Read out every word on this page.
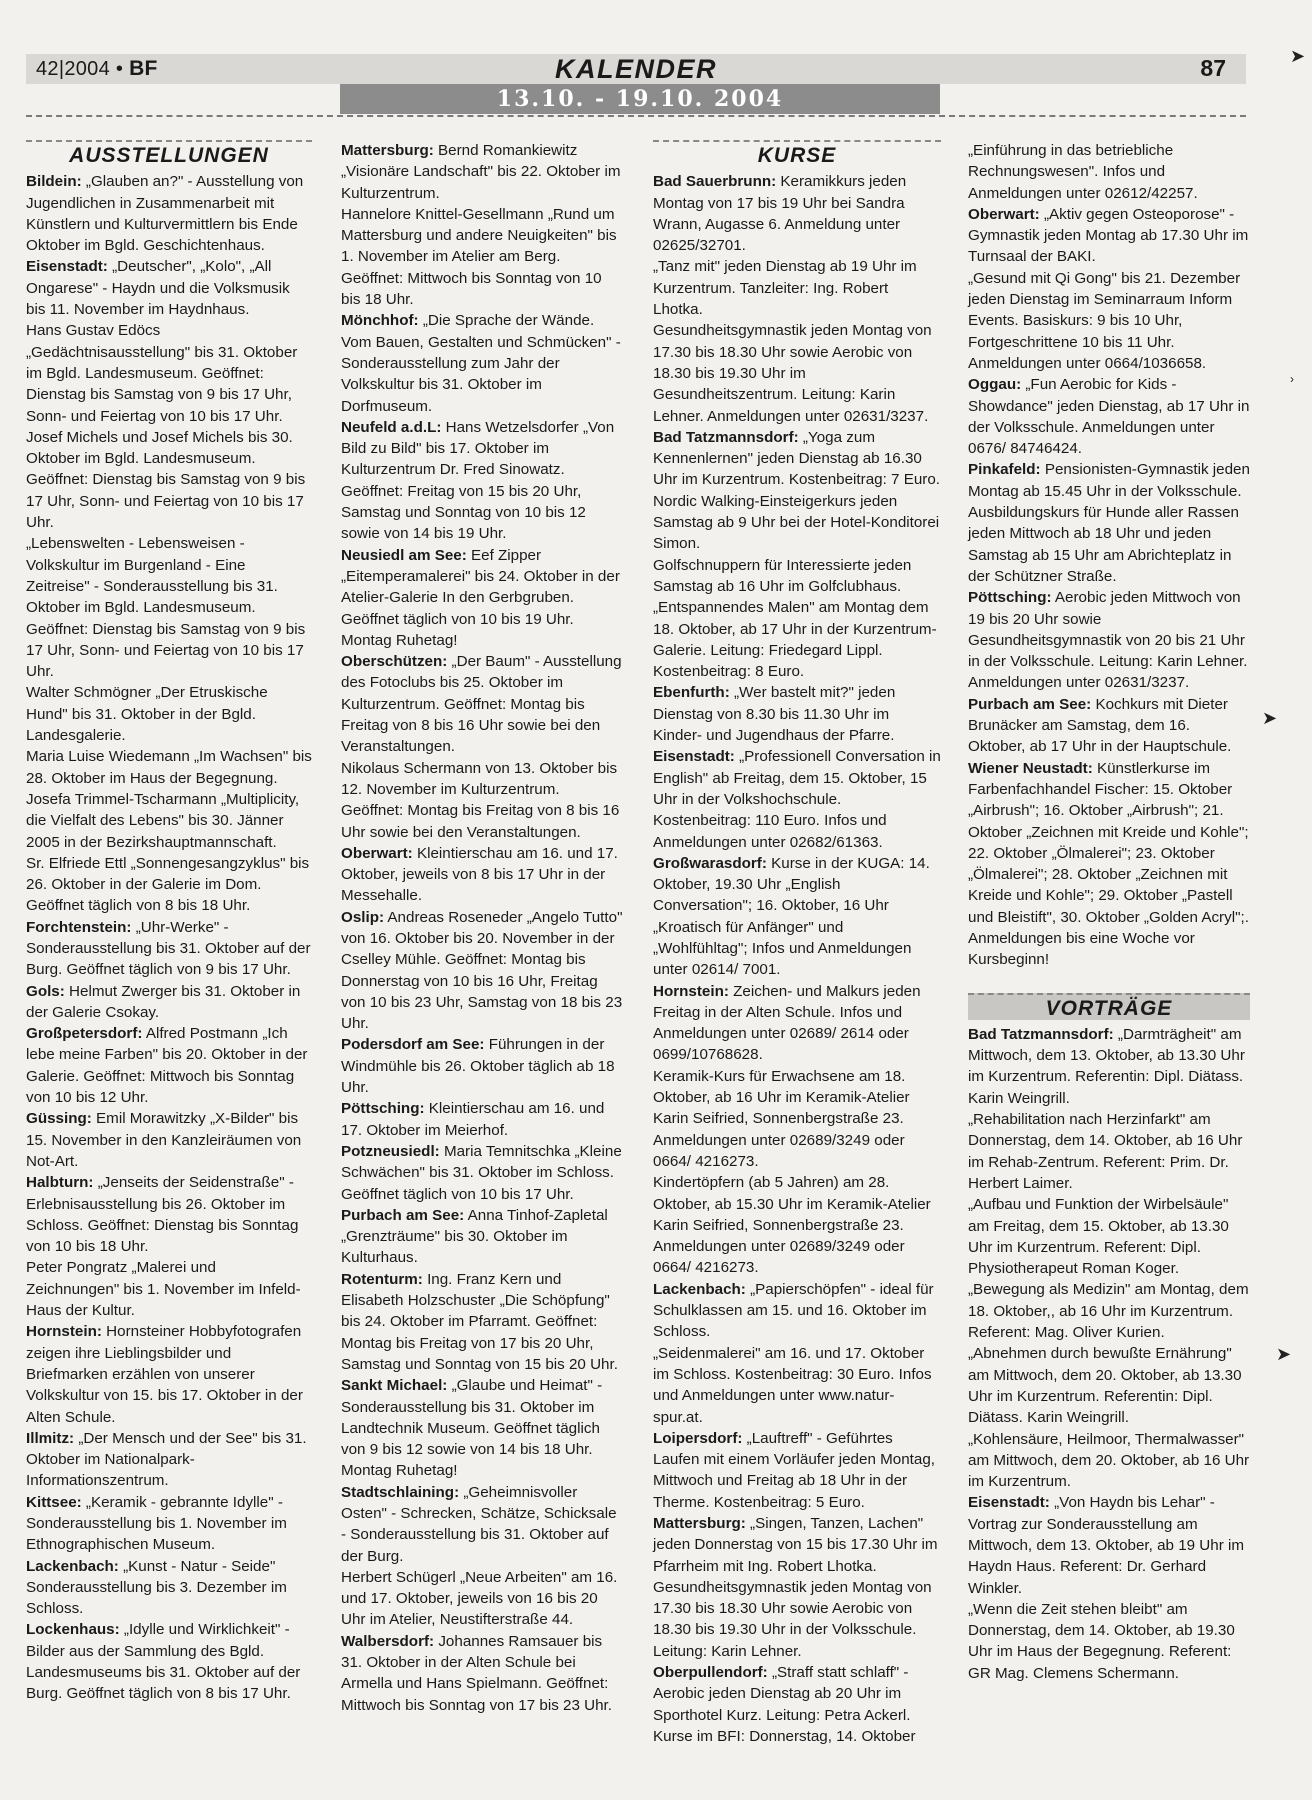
42|2004 • BF	KALENDER	87
13.10. - 19.10. 2004
AUSSTELLUNGEN

Bildein: „Glauben an?" - Ausstellung von Jugendlichen in Zusammenarbeit mit Künstlern und Kulturvermittlern bis Ende Oktober im Bgld. Geschichtenhaus.

Eisenstadt: „Deutscher", „Kolo", „All Ongarese" - Haydn und die Volksmusik bis 11. November im Haydnhaus.

Hans Gustav Edöcs „Gedächtnisausstellung" bis 31. Oktober im Bgld. Landesmuseum. Geöffnet: Dienstag bis Samstag von 9 bis 17 Uhr, Sonn- und Feiertag von 10 bis 17 Uhr.

Josef Michels und Josef Michels bis 30. Oktober im Bgld. Landesmuseum. Geöffnet: Dienstag bis Samstag von 9 bis 17 Uhr, Sonn- und Feiertag von 10 bis 17 Uhr.

„Lebenswelten - Lebensweisen - Volkskultur im Burgenland - Eine Zeitreise" - Sonderausstellung bis 31. Oktober im Bgld. Landesmuseum. Geöffnet: Dienstag bis Samstag von 9 bis 17 Uhr, Sonn- und Feiertag von 10 bis 17 Uhr.

Walter Schmögner „Der Etruskische Hund" bis 31. Oktober in der Bgld. Landesgalerie.

Maria Luise Wiedemann „Im Wachsen" bis 28. Oktober im Haus der Begegnung.

Josefa Trimmel-Tscharmann „Multiplicity, die Vielfalt des Lebens" bis 30. Jänner 2005 in der Bezirkshauptmannschaft.

Sr. Elfriede Ettl „Sonnengesangzyklus" bis 26. Oktober in der Galerie im Dom. Geöffnet täglich von 8 bis 18 Uhr.

Forchtenstein: „Uhr-Werke" - Sonderausstellung bis 31. Oktober auf der Burg. Geöffnet täglich von 9 bis 17 Uhr.

Gols: Helmut Zwerger bis 31. Oktober in der Galerie Csokay.

Großpetersdorf: Alfred Postmann „Ich lebe meine Farben" bis 20. Oktober in der Galerie. Geöffnet: Mittwoch bis Sonntag von 10 bis 12 Uhr.

Güssing: Emil Morawitzky „X-Bilder" bis 15. November in den Kanzleiräumen von Not-Art.

Halbturn: „Jenseits der Seidenstraße" - Erlebnisausstellung bis 26. Oktober im Schloss. Geöffnet: Dienstag bis Sonntag von 10 bis 18 Uhr.

Peter Pongratz „Malerei und Zeichnungen" bis 1. November im Infeld-Haus der Kultur.

Hornstein: Hornsteiner Hobbyfotografen zeigen ihre Lieblingsbilder und Briefmarken erzählen von unserer Volkskultur von 15. bis 17. Oktober in der Alten Schule.

Illmitz: „Der Mensch und der See" bis 31. Oktober im Nationalpark-Informationszentrum.

Kittsee: „Keramik - gebrannte Idylle" - Sonderausstellung bis 1. November im Ethnographischen Museum.

Lackenbach: „Kunst - Natur - Seide" Sonderausstellung bis 3. Dezember im Schloss.

Lockenhaus: „Idylle und Wirklichkeit" - Bilder aus der Sammlung des Bgld. Landesmuseums bis 31. Oktober auf der Burg. Geöffnet täglich von 8 bis 17 Uhr.

Mattersburg: Bernd Romankiewitz „Visionäre Landschaft" bis 22. Oktober im Kulturzentrum.

Hannelore Knittel-Gesellmann „Rund um Mattersburg und andere Neuigkeiten" bis 1. November im Atelier am Berg. Geöffnet: Mittwoch bis Sonntag von 10 bis 18 Uhr.

Mönchhof: „Die Sprache der Wände. Vom Bauen, Gestalten und Schmücken" - Sonderausstellung zum Jahr der Volkskultur bis 31. Oktober im Dorfmuseum.

Neufeld a.d.L: Hans Wetzelsdorfer „Von Bild zu Bild" bis 17. Oktober im Kulturzentrum Dr. Fred Sinowatz. Geöffnet: Freitag von 15 bis 20 Uhr, Samstag und Sonntag von 10 bis 12 sowie von 14 bis 19 Uhr.

Neusiedl am See: Eef Zipper „Eitemperamalerei" bis 24. Oktober in der Atelier-Galerie In den Gerbgruben. Geöffnet täglich von 10 bis 19 Uhr. Montag Ruhetag!

Oberschützen: „Der Baum" - Ausstellung des Fotoclubs bis 25. Oktober im Kulturzentrum. Geöffnet: Montag bis Freitag von 8 bis 16 Uhr sowie bei den Veranstaltungen.

Nikolaus Schermann von 13. Oktober bis 12. November im Kulturzentrum. Geöffnet: Montag bis Freitag von 8 bis 16 Uhr sowie bei den Veranstaltungen.

Oberwart: Kleintierschau am 16. und 17. Oktober, jeweils von 8 bis 17 Uhr in der Messehalle.

Oslip: Andreas Roseneder „Angelo Tutto" von 16. Oktober bis 20. November in der Cselley Mühle. Geöffnet: Montag bis Donnerstag von 10 bis 16 Uhr, Freitag von 10 bis 23 Uhr, Samstag von 18 bis 23 Uhr.

Podersdorf am See: Führungen in der Windmühle bis 26. Oktober täglich ab 18 Uhr.

Pöttsching: Kleintierschau am 16. und 17. Oktober im Meierhof.

Potzneusiedl: Maria Temnitschka „Kleine Schwächen" bis 31. Oktober im Schloss. Geöffnet täglich von 10 bis 17 Uhr.

Purbach am See: Anna Tinhof-Zapletal „Grenzträume" bis 30. Oktober im Kulturhaus.

Rotenturm: Ing. Franz Kern und Elisabeth Holzschuster „Die Schöpfung" bis 24. Oktober im Pfarramt. Geöffnet: Montag bis Freitag von 17 bis 20 Uhr, Samstag und Sonntag von 15 bis 20 Uhr.

Sankt Michael: „Glaube und Heimat" - Sonderausstellung bis 31. Oktober im Landtechnik Museum. Geöffnet täglich von 9 bis 12 sowie von 14 bis 18 Uhr. Montag Ruhetag!

Stadtschlaining: „Geheimnisvoller Osten" - Schrecken, Schätze, Schicksale - Sonderausstellung bis 31. Oktober auf der Burg.

Herbert Schügerl „Neue Arbeiten" am 16. und 17. Oktober, jeweils von 16 bis 20 Uhr im Atelier, Neustifterstraße 44.

Walbersdorf: Johannes Ramsauer bis 31. Oktober in der Alten Schule bei Armella und Hans Spielmann. Geöffnet: Mittwoch bis Sonntag von 17 bis 23 Uhr.

KURSE

Bad Sauerbrunn: Keramikkurs jeden Montag von 17 bis 19 Uhr bei Sandra Wrann, Augasse 6. Anmeldung unter 02625/32701.

„Tanz mit" jeden Dienstag ab 19 Uhr im Kurzentrum. Tanzleiter: Ing. Robert Lhotka.

Gesundheitsgymnastik jeden Montag von 17.30 bis 18.30 Uhr sowie Aerobic von 18.30 bis 19.30 Uhr im Gesundheitszentrum. Leitung: Karin Lehner. Anmeldungen unter 02631/3237.

Bad Tatzmannsdorf: „Yoga zum Kennenlernen" jeden Dienstag ab 16.30 Uhr im Kurzentrum. Kostenbeitrag: 7 Euro.

Nordic Walking-Einsteigerkurs jeden Samstag ab 9 Uhr bei der Hotel-Konditorei Simon.

Golfschnuppern für Interessierte jeden Samstag ab 16 Uhr im Golfclubhaus.

„Entspannendes Malen" am Montag dem 18. Oktober, ab 17 Uhr in der Kurzentrum-Galerie. Leitung: Friedegard Lippl. Kostenbeitrag: 8 Euro.

Ebenfurth: „Wer bastelt mit?" jeden Dienstag von 8.30 bis 11.30 Uhr im Kinder- und Jugendhaus der Pfarre.

Eisenstadt: „Professionell Conversation in English" ab Freitag, dem 15. Oktober, 15 Uhr in der Volkshochschule. Kostenbeitrag: 110 Euro. Infos und Anmeldungen unter 02682/61363.

Großwarasdorf: Kurse in der KUGA: 14. Oktober, 19.30 Uhr „English Conversation"; 16. Oktober, 16 Uhr „Kroatisch für Anfänger" und „Wohlfühltag"; Infos und Anmeldungen unter 02614/ 7001.

Hornstein: Zeichen- und Malkurs jeden Freitag in der Alten Schule. Infos und Anmeldungen unter 02689/ 2614 oder 0699/10768628.

Keramik-Kurs für Erwachsene am 18. Oktober, ab 16 Uhr im Keramik-Atelier Karin Seifried, Sonnenbergstraße 23. Anmeldungen unter 02689/3249 oder 0664/ 4216273.

Kindertöpfern (ab 5 Jahren) am 28. Oktober, ab 15.30 Uhr im Keramik-Atelier Karin Seifried, Sonnenbergstraße 23. Anmeldungen unter 02689/3249 oder 0664/ 4216273.

Lackenbach: „Papierschöpfen" - ideal für Schulklassen am 15. und 16. Oktober im Schloss.

„Seidenmalerei" am 16. und 17. Oktober im Schloss. Kostenbeitrag: 30 Euro. Infos und Anmeldungen unter www.natur-spur.at.

Loipersdorf: „Lauftreff" - Geführtes Laufen mit einem Vorläufer jeden Montag, Mittwoch und Freitag ab 18 Uhr in der Therme. Kostenbeitrag: 5 Euro.

Mattersburg: „Singen, Tanzen, Lachen" jeden Donnerstag von 15 bis 17.30 Uhr im Pfarrheim mit Ing. Robert Lhotka.

Gesundheitsgymnastik jeden Montag von 17.30 bis 18.30 Uhr sowie Aerobic von 18.30 bis 19.30 Uhr in der Volksschule. Leitung: Karin Lehner.

Oberpullendorf: „Straff statt schlaff" - Aerobic jeden Dienstag ab 20 Uhr im Sporthotel Kurz. Leitung: Petra Ackerl.

Kurse im BFI: Donnerstag, 14. Oktober

„Einführung in das betriebliche Rechnungswesen". Infos und Anmeldungen unter 02612/42257.

Oberwart: „Aktiv gegen Osteoporose" - Gymnastik jeden Montag ab 17.30 Uhr im Turnsaal der BAKI.

„Gesund mit Qi Gong" bis 21. Dezember jeden Dienstag im Seminarraum Inform Events. Basiskurs: 9 bis 10 Uhr, Fortgeschrittene 10 bis 11 Uhr. Anmeldungen unter 0664/1036658.

Oggau: „Fun Aerobic for Kids - Showdance" jeden Dienstag, ab 17 Uhr in der Volksschule. Anmeldungen unter 0676/ 84746424.

Pinkafeld: Pensionisten-Gymnastik jeden Montag ab 15.45 Uhr in der Volksschule.

Ausbildungskurs für Hunde aller Rassen jeden Mittwoch ab 18 Uhr und jeden Samstag ab 15 Uhr am Abrichteplatz in der Schützner Straße.

Pöttsching: Aerobic jeden Mittwoch von 19 bis 20 Uhr sowie Gesundheitsgymnastik von 20 bis 21 Uhr in der Volksschule. Leitung: Karin Lehner. Anmeldungen unter 02631/3237.

Purbach am See: Kochkurs mit Dieter Brunäcker am Samstag, dem 16. Oktober, ab 17 Uhr in der Hauptschule.

Wiener Neustadt: Künstlerkurse im Farbenfachhandel Fischer: 15. Oktober „Airbrush"; 16. Oktober „Airbrush"; 21. Oktober „Zeichnen mit Kreide und Kohle"; 22. Oktober „Ölmalerei"; 23. Oktober „Ölmalerei"; 28. Oktober „Zeichnen mit Kreide und Kohle"; 29. Oktober „Pastell und Bleistift", 30. Oktober „Golden Acryl";. Anmeldungen bis eine Woche vor Kursbeginn!

VORTRÄGE

Bad Tatzmannsdorf: „Darmträgheit" am Mittwoch, dem 13. Oktober, ab 13.30 Uhr im Kurzentrum. Referentin: Dipl. Diätass. Karin Weingrill.

„Rehabilitation nach Herzinfarkt" am Donnerstag, dem 14. Oktober, ab 16 Uhr im Rehab-Zentrum. Referent: Prim. Dr. Herbert Laimer.

„Aufbau und Funktion der Wirbelsäule" am Freitag, dem 15. Oktober, ab 13.30 Uhr im Kurzentrum. Referent: Dipl. Physiotherapeut Roman Koger.

„Bewegung als Medizin" am Montag, dem 18. Oktober,, ab 16 Uhr im Kurzentrum. Referent: Mag. Oliver Kurien.

„Abnehmen durch bewußte Ernährung" am Mittwoch, dem 20. Oktober, ab 13.30 Uhr im Kurzentrum. Referentin: Dipl. Diätass. Karin Weingrill.

„Kohlensäure, Heilmoor, Thermalwasser" am Mittwoch, dem 20. Oktober, ab 16 Uhr im Kurzentrum.

Eisenstadt: „Von Haydn bis Lehar" - Vortrag zur Sonderausstellung am Mittwoch, dem 13. Oktober, ab 19 Uhr im Haydn Haus. Referent: Dr. Gerhard Winkler.

„Wenn die Zeit stehen bleibt" am Donnerstag, dem 14. Oktober, ab 19.30 Uhr im Haus der Begegnung. Referent: GR Mag. Clemens Schermann.

➤
›
➤
➤
